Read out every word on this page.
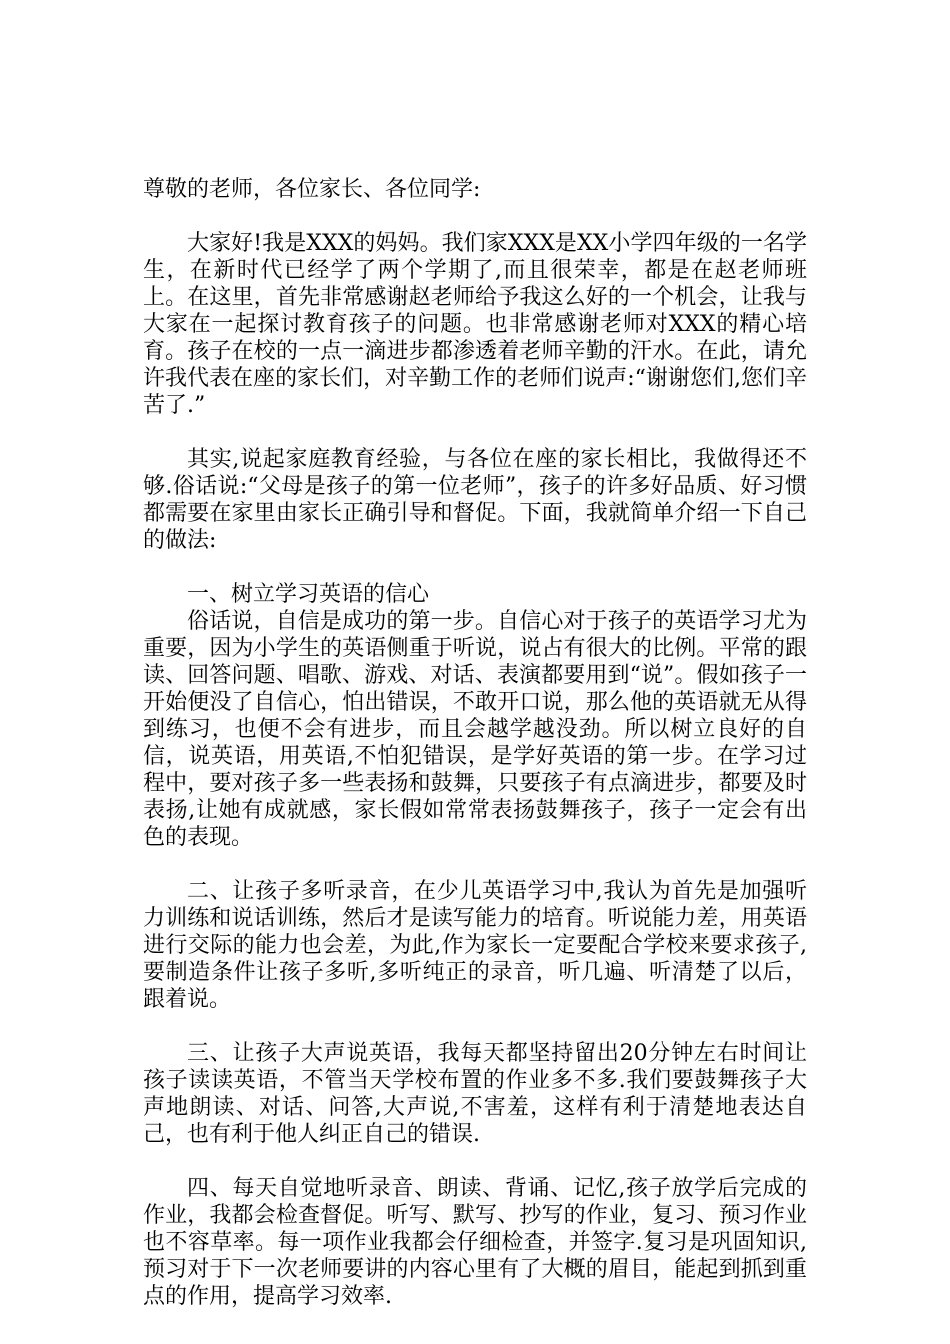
尊敬的老师，各位家长、各位同学:

大家好!我是XXX的妈妈。我们家XXX是XX小学四年级的一名学生，在新时代已经学了两个学期了,而且很荣幸，都是在赵老师班上。在这里，首先非常感谢赵老师给予我这么好的一个机会，让我与大家在一起探讨教育孩子的问题。也非常感谢老师对XXX的精心培育。孩子在校的一点一滴进步都渗透着老师辛勤的汗水。在此，请允许我代表在座的家长们，对辛勤工作的老师们说声:“谢谢您们,您们辛苦了.”

其实,说起家庭教育经验，与各位在座的家长相比，我做得还不够.俗话说:“父母是孩子的第一位老师”，孩子的许多好品质、好习惯都需要在家里由家长正确引导和督促。下面，我就简单介绍一下自己的做法:

一、树立学习英语的信心

俗话说，自信是成功的第一步。自信心对于孩子的英语学习尤为重要，因为小学生的英语侧重于听说，说占有很大的比例。平常的跟读、回答问题、唱歌、游戏、对话、表演都要用到“说”。假如孩子一开始便没了自信心，怕出错误，不敢开口说，那么他的英语就无从得到练习，也便不会有进步，而且会越学越没劲。所以树立良好的自信，说英语，用英语,不怕犯错误，是学好英语的第一步。在学习过程中，要对孩子多一些表扬和鼓舞，只要孩子有点滴进步，都要及时表扬,让她有成就感，家长假如常常表扬鼓舞孩子，孩子一定会有出色的表现。

二、让孩子多听录音，在少儿英语学习中,我认为首先是加强听力训练和说话训练，然后才是读写能力的培育。听说能力差，用英语进行交际的能力也会差，为此,作为家长一定要配合学校来要求孩子,要制造条件让孩子多听,多听纯正的录音，听几遍、听清楚了以后，跟着说。

三、让孩子大声说英语，我每天都坚持留出20分钟左右时间让孩子读读英语，不管当天学校布置的作业多不多.我们要鼓舞孩子大声地朗读、对话、问答,大声说,不害羞，这样有利于清楚地表达自己，也有利于他人纠正自己的错误.

四、每天自觉地听录音、朗读、背诵、记忆,孩子放学后完成的作业，我都会检查督促。听写、默写、抄写的作业，复习、预习作业也不容草率。每一项作业我都会仔细检查，并签字.复习是巩固知识,预习对于下一次老师要讲的内容心里有了大概的眉目，能起到抓到重点的作用，提高学习效率.
